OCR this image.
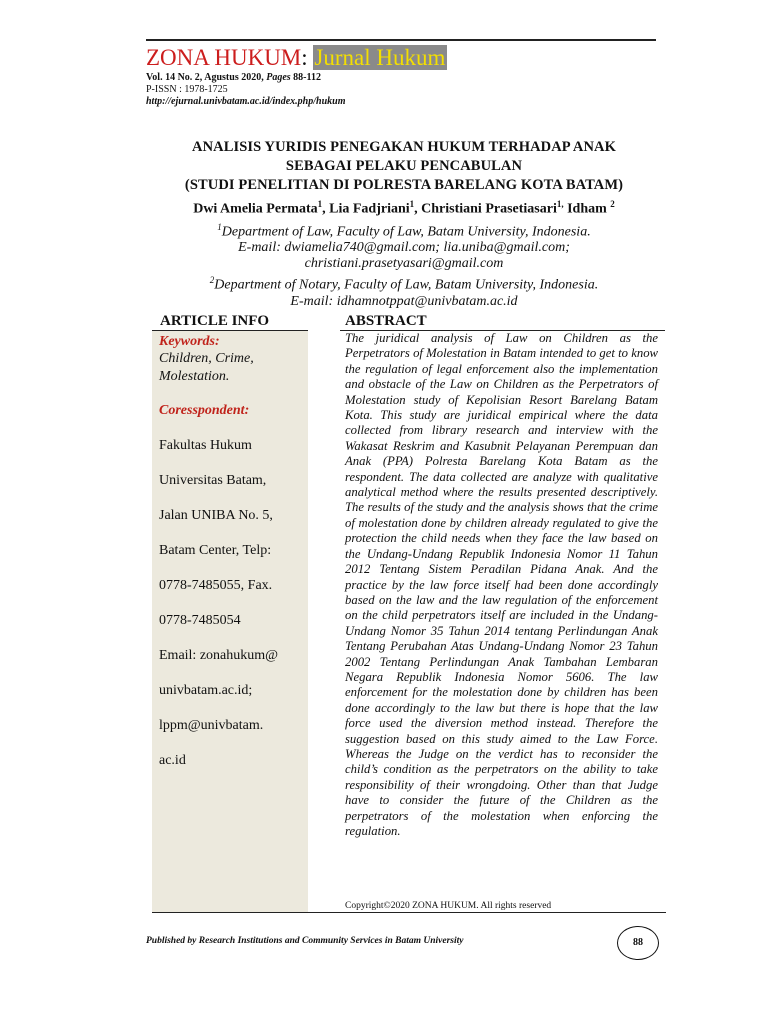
ZONA HUKUM: Jurnal Hukum
Vol. 14 No. 2, Agustus 2020, Pages 88-112
P-ISSN : 1978-1725
http://ejurnal.univbatam.ac.id/index.php/hukum
ANALISIS YURIDIS PENEGAKAN HUKUM TERHADAP ANAK
SEBAGAI PELAKU PENCABULAN
(STUDI PENELITIAN DI POLRESTA BARELANG KOTA BATAM)
Dwi Amelia Permata$^1$, Lia Fadjriani$^1$, Christiani Prasetiasari$^{1,}$ Idham $^2$
$^1$Department of Law, Faculty of Law, Batam University, Indonesia.
E-mail: dwiamelia740@gmail.com; lia.uniba@gmail.com;
christiani.prasetyasari@gmail.com
$^2$Department of Notary, Faculty of Law, Batam University, Indonesia.
E-mail: idhamnotppat@univbatam.ac.id
ARTICLE INFO	ABSTRACT
Keywords:
Children, Crime, Molestation.
Coresspondent:

Fakultas Hukum

Universitas Batam,

Jalan UNIBA No. 5,

Batam Center, Telp:

0778-7485055, Fax.

0778-7485054

Email: zonahukum@

univbatam.ac.id;

lppm@univbatam.

ac.id

The juridical analysis of Law on Children as the Perpetrators of Molestation in Batam intended to get to know the regulation of legal enforcement also the implementation and obstacle of the Law on Children as the Perpetrators of Molestation study of Kepolisian Resort Barelang Batam Kota. This study are juridical empirical where the data collected from library research and interview with the Wakasat Reskrim and Kasubnit Pelayanan Perempuan dan Anak (PPA) Polresta Barelang Kota Batam as the respondent. The data collected are analyze with qualitative analytical method where the results presented descriptively. The results of the study and the analysis shows that the crime of molestation done by children already regulated to give the protection the child needs when they face the law based on the Undang-Undang Republik Indonesia Nomor 11 Tahun 2012 Tentang Sistem Peradilan Pidana Anak. And the practice by the law force itself had been done accordingly based on the law and the law regulation of the enforcement on the child perpetrators itself are included in the Undang-Undang Nomor 35 Tahun 2014 tentang Perlindungan Anak Tentang Perubahan Atas Undang-Undang Nomor 23 Tahun 2002 Tentang Perlindungan Anak Tambahan Lembaran Negara Republik Indonesia Nomor 5606. The law enforcement for the molestation done by children has been done accordingly to the law but there is hope that the law force used the diversion method instead. Therefore the suggestion based on this study aimed to the Law Force. Whereas the Judge on the verdict has to reconsider the child’s condition as the perpetrators on the ability to take responsibility of their wrongdoing. Other than that Judge have to consider the future of the Children as the perpetrators of the molestation when enforcing the regulation.
Copyright©2020 ZONA HUKUM. All rights reserved
Published by Research Institutions and Community Services in Batam University	88
